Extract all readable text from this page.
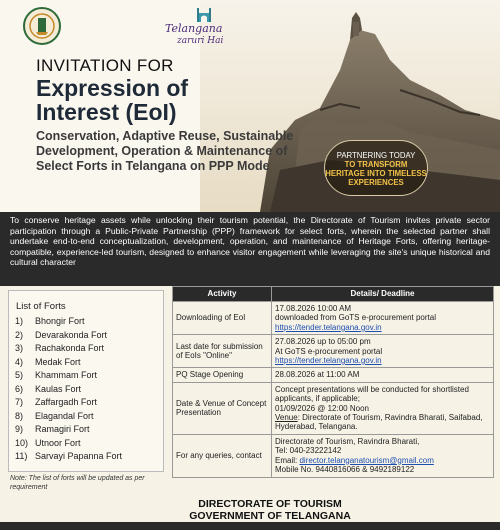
Telangana
zaruri Hai
INVITATION FOR
Expression of Interest (EoI)
Conservation, Adaptive Reuse, Sustainable Development, Operation & Maintenance of Select Forts in Telangana on PPP Mode
PARTNERING TODAY
TO TRANSFORM HERITAGE INTO TIMELESS EXPERIENCES
To conserve heritage assets while unlocking their tourism potential, the Directorate of Tourism invites private sector participation through a Public-Private Partnership (PPP) framework for select forts, wherein the selected partner shall undertake end-to-end conceptualization, development, operation, and maintenance of Heritage Forts, offering heritage-compatible, experience-led tourism, designed to enhance visitor engagement while leveraging the site's unique historical and cultural character
List of Forts
1)	Bhongir Fort
2)	Devarakonda Fort
3)	Rachakonda Fort
4)	Medak Fort
5)	Khammam Fort
6)	Kaulas Fort
7)	Zaffargadh Fort
8)	Elagandal Fort
9)	Ramagiri Fort
10) Utnoor Fort
11) Sarvayi Papanna Fort
Note: The list of forts will be updated as per requirement
Activity	Details/ Deadline
Downloading of EoI	17.08.2026 10:00 AM
downloaded from GoTS e-procurement portal
https://tender.telangana.gov.in

Last date for submission of EoIs "Online"	27.08.2026 up to 05:00 pm
At GoTS e-procurement portal
https://tender.telangana.gov.in

PQ Stage Opening	28.08.2026 at 11:00 AM
Date & Venue of Concept Presentation	Concept presentations will be conducted for shortlisted applicants, if applicable;
01/09/2026 @ 12:00 Noon
Venue: Directorate of Tourism, Ravindra Bharati, Saifabad, Hyderabad, Telangana.

For any queries, contact	Directorate of Tourism, Ravindra Bharati,
Tel: 040-23222142
Email: director.telanganatourism@gmail.com
Mobile No. 9440816066 & 9492189122
DIRECTORATE OF TOURISM
GOVERNMENT OF TELANGANA
